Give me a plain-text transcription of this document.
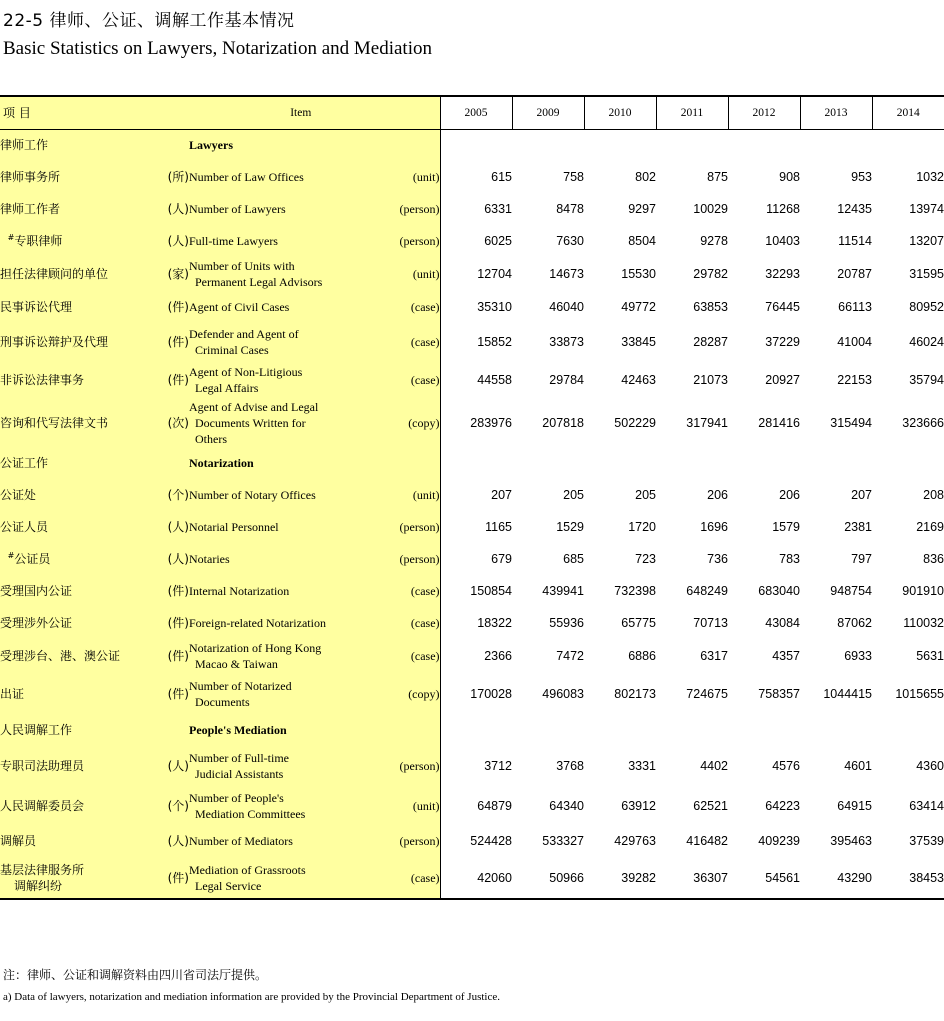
22-5 律师、公证、调解工作基本情况
Basic Statistics on Lawyers, Notarization and Mediation
项 目	Item			2005	2009	2010	2011	2012	2013	2014

律师工作		Lawyers								

律师事务所	(所)	Number of Law Offices	(unit)	615	758	802	875	908	953	1032

律师工作者	(人)	Number of Lawyers	(person)	6331	8478	9297	10029	11268	12435	13974
#专职律师	(人)	Full-time Lawyers	(person)	6025	7630	8504	9278	10403	11514	13207

担任法律顾问的单位	(家)	Number of Units with
Permanent Legal Advisors	(unit)	12704	14673	15530	29782	32293	20787	31595

民事诉讼代理	(件)	Agent of Civil Cases	(case)	35310	46040	49772	63853	76445	66113	80952

刑事诉讼辩护及代理	(件)	Defender and Agent of
Criminal Cases	(case)	15852	33873	33845	28287	37229	41004	46024

非诉讼法律事务	(件)	Agent of Non-Litigious
Legal Affairs	(case)	44558	29784	42463	21073	20927	22153	35794

咨询和代写法律文书	(次)	Agent of Advise and Legal
Documents Written for
Others	(copy)	283976	207818	502229	317941	281416	315494	323666

公证工作		Notarization								

公证处	(个)	Number of Notary Offices	(unit)	207	205	205	206	206	207	208

公证人员	(人)	Notarial Personnel	(person)	1165	1529	1720	1696	1579	2381	2169
#公证员	(人)	Notaries	(person)	679	685	723	736	783	797	836

受理国内公证	(件)	Internal Notarization	(case)	150854	439941	732398	648249	683040	948754	901910

受理涉外公证	(件)	Foreign-related Notarization	(case)	18322	55936	65775	70713	43084	87062	110032

受理涉台、港、澳公证	(件)	Notarization of Hong Kong
Macao & Taiwan	(case)	2366	7472	6886	6317	4357	6933	5631

出证	(件)	Number of Notarized
Documents	(copy)	170028	496083	802173	724675	758357	1044415	1015655

人民调解工作		People's Mediation								

专职司法助理员	(人)	Number of Full-time
Judicial Assistants	(person)	3712	3768	3331	4402	4576	4601	4360

人民调解委员会	(个)	Number of People's
Mediation Committees	(unit)	64879	64340	63912	62521	64223	64915	63414

调解员	(人)	Number of Mediators	(person)	524428	533327	429763	416482	409239	395463	37539

基层法律服务所
调解纠纷	(件)	Mediation of Grassroots
Legal Service	(case)	42060	50966	39282	36307	54561	43290	38453
注：律师、公证和调解资料由四川省司法厅提供。
a) Data of lawyers, notarization and mediation information are provided by the Provincial Department of Justice.
